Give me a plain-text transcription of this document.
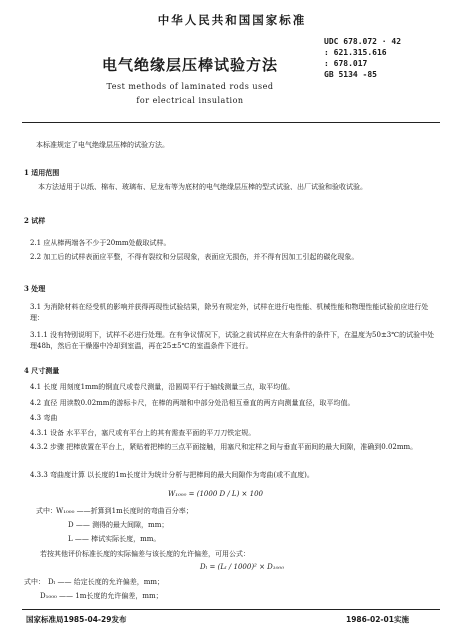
中华人民共和国国家标准
UDC 678.072 · 42
: 621.315.616
: 678.017
GB 5134 -85
电气绝缘层压棒试验方法
Test methods of laminated rods used
for electrical insulation
本标准规定了电气绝缘层压棒的试验方法。
1 适用范围
本方法适用于以纸、棉布、玻璃布、尼龙布等为底材的电气绝缘层压棒的型式试验、出厂试验和验收试验。
2 试样
2.1 应从棒两端各不少于20mm处截取试样。
2.2 加工后的试样表面应平整，不得有裂纹和分层现象，表面应无损伤，并不得有因加工引起的碳化现象。
3 处理
3.1 为消除材料在经受机的影响并获得再现性试验结果，除另有规定外，试样在进行电性能、机械性能和物理性能试验前应进行处理：
3.1.1 没有特别说明下，试样不必进行处理。在有争议情况下，试验之前试样应在大有条件的条件下，在温度为50±3℃的试验中处理48h，然后在干燥器中冷却到室温，再在25±5℃的室温条件下进行。
4 尺寸测量
4.1 长度 用刻度1mm的钢直尺或卷尺测量，沿圆周平行于轴线测量三点，取平均值。
4.2 直径 用读数0.02mm的游标卡尺，在棒的两端和中部分处沿相互垂直的两方向测量直径，取平均值。
4.3 弯曲
4.3.1 设备 水平平台，塞尺或有平台上的其有需查平面的平刀刀铁定规。
4.3.2 步骤 把棒放置在平台上，紧贴着把棒的三点平面接触，用塞尺和定样之间与垂直平面间的最大间隙，准确到0.02mm。
4.3.3 弯曲度计算 以长度的1m长度计为统计分析与把棒间的最大间隙作为弯曲(或不直度)。
W₁₀₀₀ = (1000 D / L) × 100
式中： W₁₀₀₀ ——折算到1m长度时的弯曲百分率；
D —— 测得的最大间隙，mm；
L —— 棒试实际长度，mm。
若按其他评价标准长度的实际偏差与该长度的允许偏差，可用公式：
Dₗ = (Lₗ / 1000)² × D₁₀₀₀
式中： Dₗ —— 给定长度的允许偏差，mm；
D₁₀₀₀ —— 1m长度的允许偏差，mm；
国家标准局1985-04-29发布	1986-02-01实施
